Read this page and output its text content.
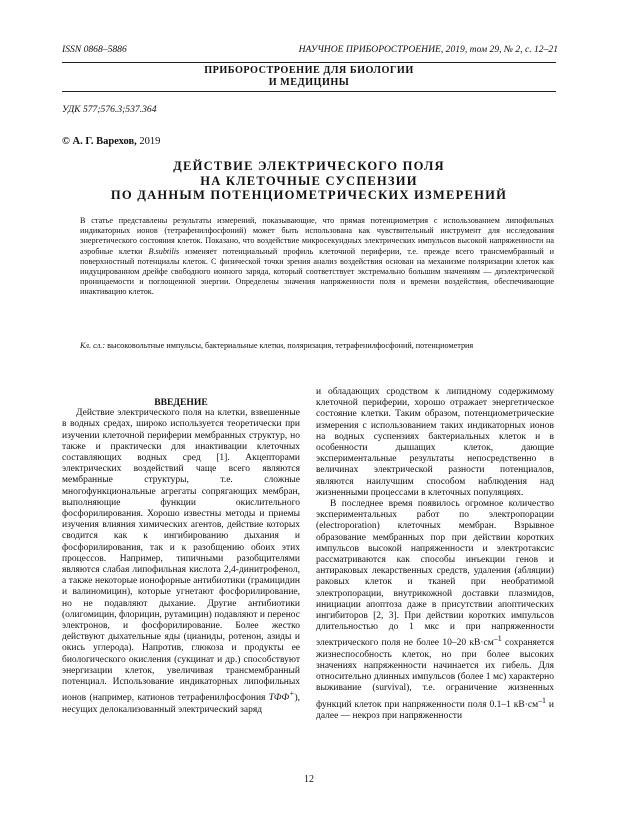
ISSN 0868–5886	НАУЧНОЕ ПРИБОРОСТРОЕНИЕ, 2019, том 29, № 2, с. 12–21
ПРИБОРОСТРОЕНИЕ ДЛЯ БИОЛОГИИ
И МЕДИЦИНЫ
УДК 577;576.3;537.364
© А. Г. Варехов, 2019
ДЕЙСТВИЕ ЭЛЕКТРИЧЕСКОГО ПОЛЯ
НА КЛЕТОЧНЫЕ СУСПЕНЗИИ
ПО ДАННЫМ ПОТЕНЦИОМЕТРИЧЕСКИХ ИЗМЕРЕНИЙ
В статье представлены результаты измерений, показывающие, что прямая потенциометрия с использованием липофильных индикаторных ионов (тетрафенилфосфоний) может быть использована как чувствительный инструмент для исследования энергетического состояния клеток. Показано, что воздействие микросекундных электрических импульсов высокой напряженности на аэробные клетки B.subtilis изменяет потенциальный профиль клеточной периферии, т.е. прежде всего трансмембранный и поверхностный потенциалы клеток. С физической точки зрения анализ воздействия основан на механизме поляризации клеток как индуцированном дрейфе свободного ионного заряда, который соответствует экстремально большим значениям — диэлектрической проницаемости и поглощенной энергии. Определены значения напряженности поля и времени воздействия, обеспечивающие инактивацию клеток.
Кл. сл.: высоковольтные импульсы, бактериальные клетки, поляризация, тетрафенилфосфоний, потенциометрия

ВВЕДЕНИЕ

Действие электрического поля на клетки, взвешенные в водных средах, широко используется теоретически при изучении клеточной периферии мембранных структур, но также и практически для инактивации клеточных составляющих водных сред [1]. Акцепторами электрических воздействий чаще всего являются мембранные структуры, т.е. сложные многофункциональные агрегаты сопрягающих мембран, выполняющие функции окислительного фосфорилирования. Хорошо известны методы и приемы изучения влияния химических агентов, действие которых сводится как к ингибированию дыхания и фосфорилирования, так и к разобщению обоих этих процессов. Например, типичными разобщителями являются слабая липофильная кислота 2,4-динитрофенол, а также некоторые ионофорные антибиотики (грамицидин и валиномицин), которые угнетают фосфорилирование, но не подавляют дыхание. Другие антибиотики (олигомицин, флорицин, рутамицин) подавляют и перенос электронов, и фосфорилирование. Более жестко действуют дыхательные яды (цианиды, ротенон, азиды и окись углерода). Напротив, глюкоза и продукты ее биологического окисления (сукцинат и др.) способствуют энергизации клеток, увеличивая трансмембранный потенциал. Использование индикаторных липофильных ионов (например, катионов тетрафенилфосфония ТФФ+), несущих делокализованный электрический заряд

и обладающих сродством к липидному содержимому клеточной периферии, хорошо отражает энергетическое состояние клетки. Таким образом, потенциометрические измерения с использованием таких индикаторных ионов на водных суспензиях бактериальных клеток и в особенности дышащих клеток, дающие экспериментальные результаты непосредственно в величинах электрической разности потенциалов, являются наилучшим способом наблюдения над жизненными процессами в клеточных популяциях.

В последнее время появилось огромное количество экспериментальных работ по электропорации (electroporation) клеточных мембран. Взрывное образование мембранных пор при действии коротких импульсов высокой напряженности и электротаксис рассматриваются как способы инъекции генов и антираковых лекарственных средств, удаления (абляции) раковых клеток и тканей при необратимой электропорации, внутрикожной доставки плазмидов, инициации апоптоза даже в присутствии апоптических ингибиторов [2, 3]. При действии коротких импульсов длительностью до 1 мкс и при напряженности электрического поля не более 10–20 $кВ\cdot см^{-1}$ сохраняется жизнеспособность клеток, но при более высоких значениях напряженности начинается их гибель. Для относительно длинных импульсов (более 1 мс) характерно выживание (survival), т.е. ограничение жизненных функций клеток при напряженности поля 0.1–1 $кВ\cdot см^{-1}$ и далее — некроз при напряженности

12
